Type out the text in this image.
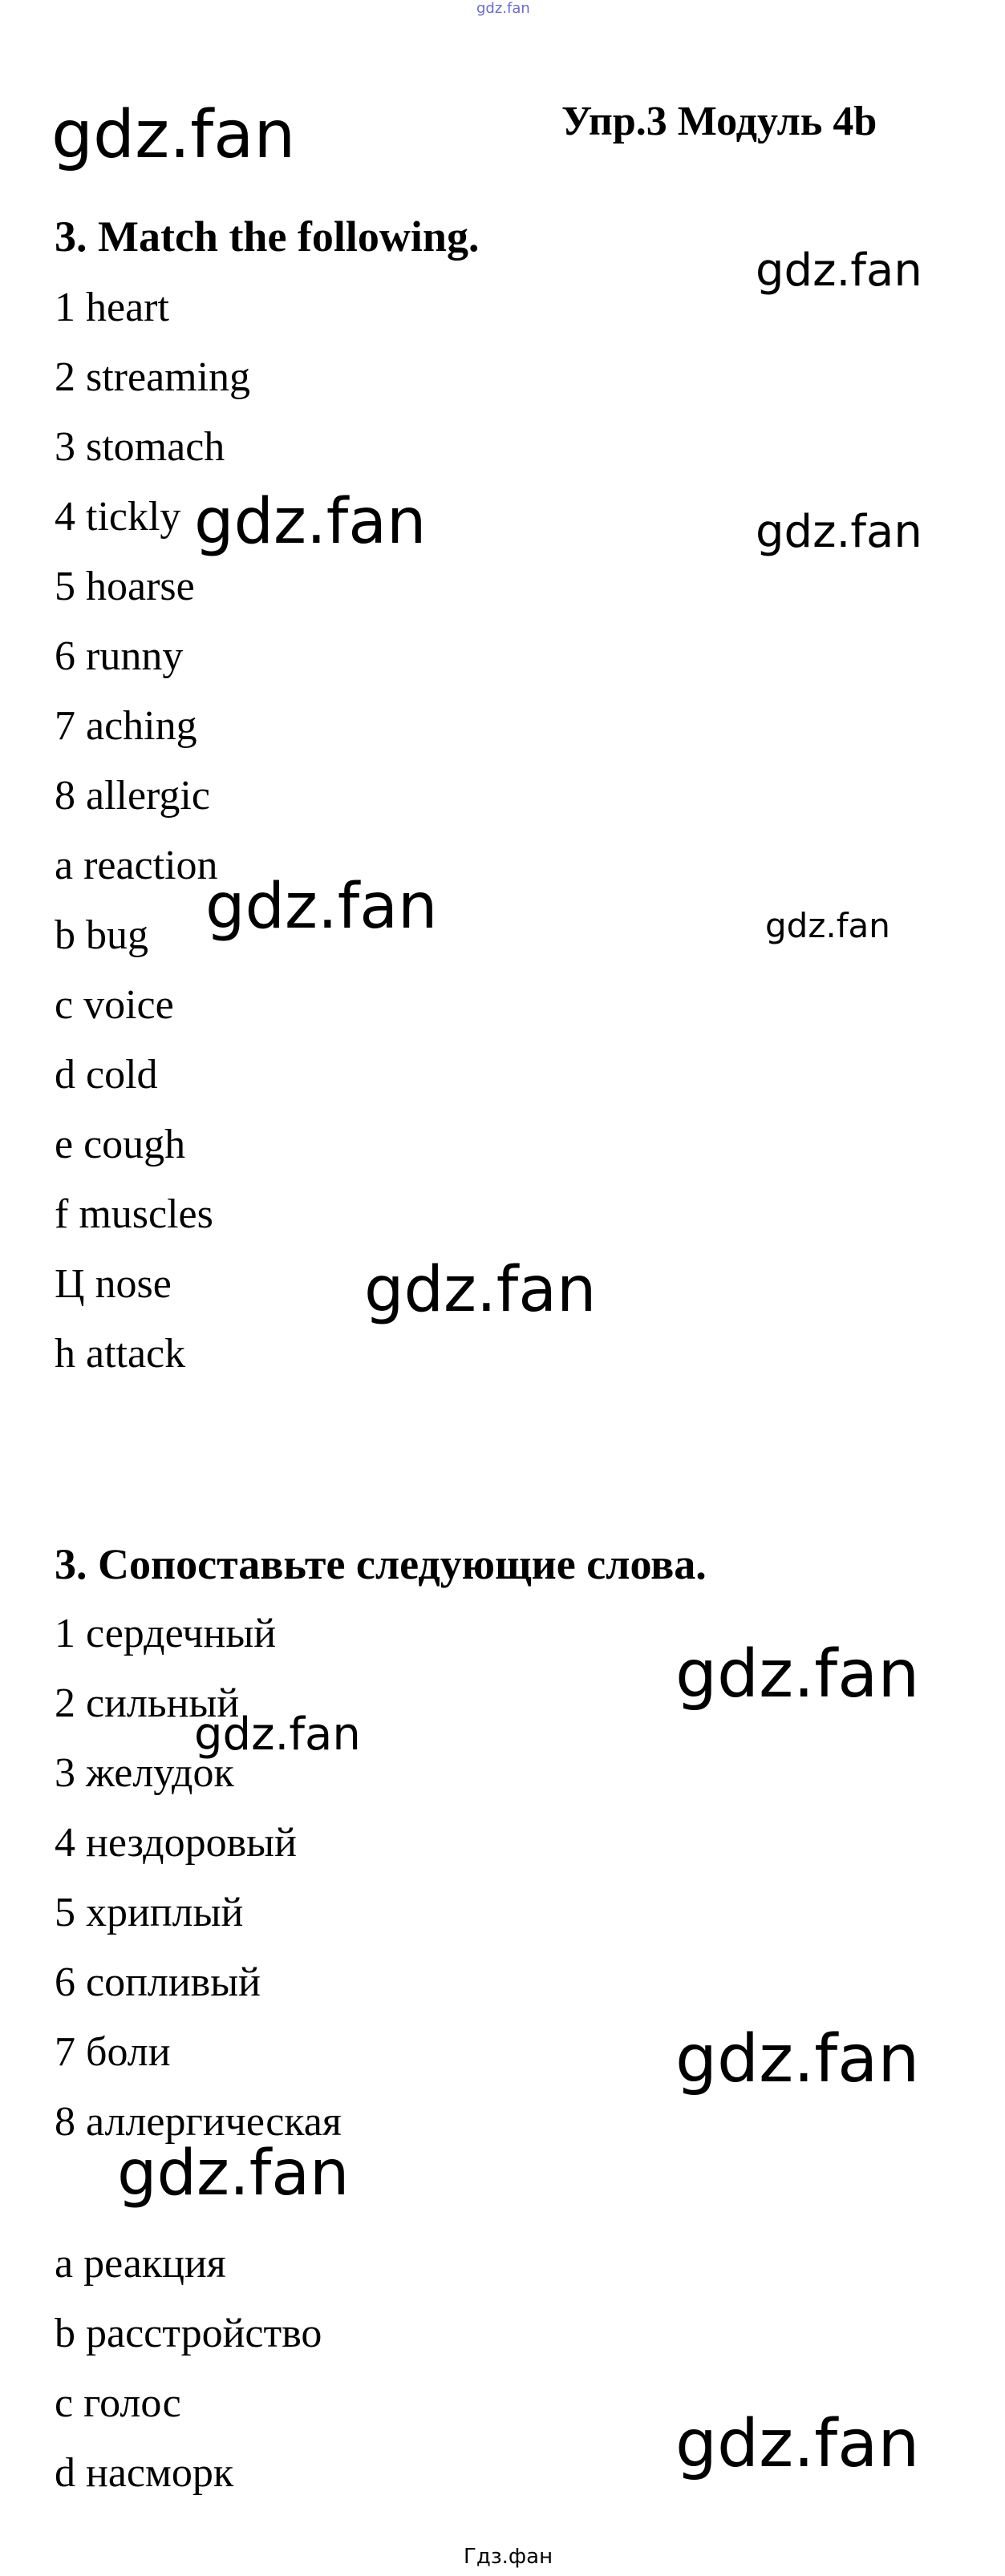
gdz.fan
gdz.fan	Упр.3 Модуль 4b
3. Match the following.
1 heart
2 streaming
3 stomach
4 tickly
5 hoarse
6 runny
7 aching
8 allergic
a reaction
b bug
c voice
d cold
e cough
f muscles
Ц nose
h attack
gdz.fan
gdz.fan	gdz.fan
gdz.fan	gdz.fan
gdz.fan
3. Сопоставьте следующие слова.
1 сердечный
2 сильный
3 желудок
4 нездоровый
5 хриплый
6 сопливый
7 боли
8 аллергическая
а реакция
b расстройство
с голос
d насморк
gdz.fan
gdz.fan
gdz.fan
gdz.fan
gdz.fan
Гдз.фан
